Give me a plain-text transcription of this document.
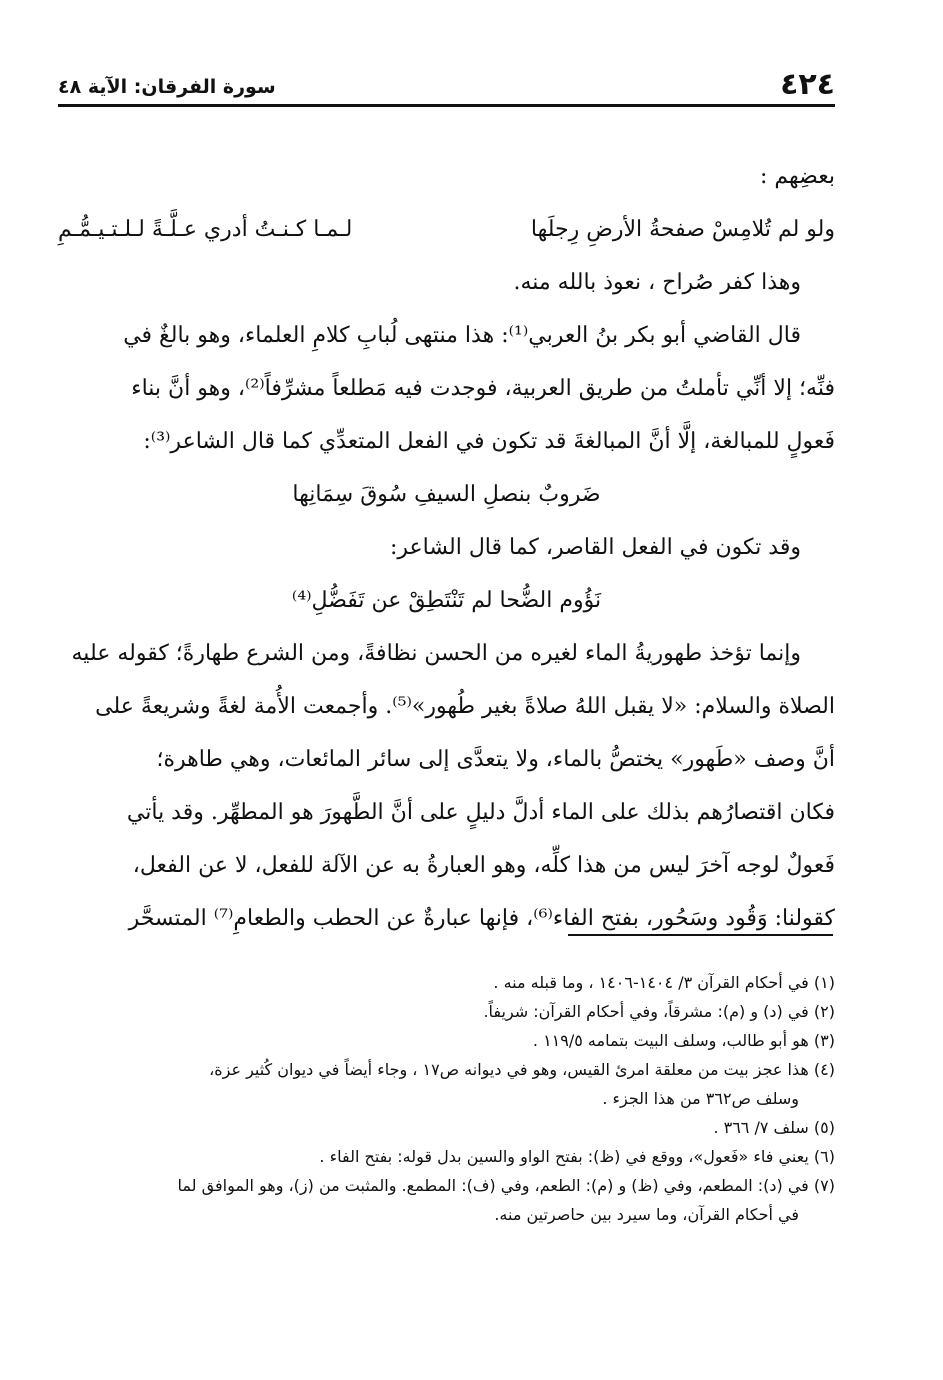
٤٢٤
سورة الفرقان: الآية ٤٨
بعضِهم :
ولو لم تُلامِسْ صفحةُ الأرضِ رِجلَها
لـمـا كـنـتُ أدري عـلَّـةً لـلـتـيـمُّـمِ
وهذا كفر صُراح ، نعوذ بالله منه.
قال القاضي أبو بكر بنُ العربي⁽¹⁾: هذا منتهى لُبابِ كلامِ العلماء، وهو بالغٌ في
فنِّه؛ إلا أنِّي تأملتُ من طريق العربية، فوجدت فيه مَطلعاً مشرِّفاً⁽²⁾، وهو أنَّ بناء
فَعولٍ للمبالغة، إلَّا أنَّ المبالغةَ قد تكون في الفعل المتعدِّي كما قال الشاعر⁽³⁾:
ضَروبٌ بنصلِ السيفِ سُوقَ سِمَانِها
وقد تكون في الفعل القاصر، كما قال الشاعر:
نَؤُوم الضُّحا لم تَنْتَطِقْ عن تَفَضُّلِ⁽⁴⁾
وإنما تؤخذ طهوريةُ الماء لغيره من الحسن نظافةً، ومن الشرع طهارةً؛ كقوله عليه
الصلاة والسلام: «لا يقبل اللهُ صلاةً بغير طُهور»⁽⁵⁾. وأجمعت الأُمة لغةً وشريعةً على
أنَّ وصف «طَهور» يختصُّ بالماء، ولا يتعدَّى إلى سائر المائعات، وهي طاهرة؛
فكان اقتصارُهم بذلك على الماء أدلَّ دليلٍ على أنَّ الطَّهورَ هو المطهِّر. وقد يأتي
فَعولٌ لوجه آخرَ ليس من هذا كلِّه، وهو العبارةُ به عن الآلة للفعل، لا عن الفعل،
كقولنا: وَقُود وسَحُور، بفتح الفاء⁽⁶⁾، فإنها عبارةٌ عن الحطب والطعامِ⁽⁷⁾ المتسحَّر
(١) في أحكام القرآن ٣/ ١٤٠٤-١٤٠٦ ، وما قبله منه .
(٢) في (د) و (م): مشرقاً، وفي أحكام القرآن: شريفاً.
(٣) هو أبو طالب، وسلف البيت بتمامه ١١٩/٥ .
(٤) هذا عجز بيت من معلقة امرئ القيس، وهو في ديوانه ص١٧ ، وجاء أيضاً في ديوان كُثير عزة،
وسلف ص٣٦٢ من هذا الجزء .
(٥) سلف ٧/ ٣٦٦ .
(٦) يعني فاء «فَعول»، ووقع في (ظ): بفتح الواو والسين بدل قوله: بفتح الفاء .
(٧) في (د): المطعم، وفي (ظ) و (م): الطعم، وفي (ف): المطمع. والمثبت من (ز)، وهو الموافق لما
في أحكام القرآن، وما سيرد بين حاصرتين منه.
